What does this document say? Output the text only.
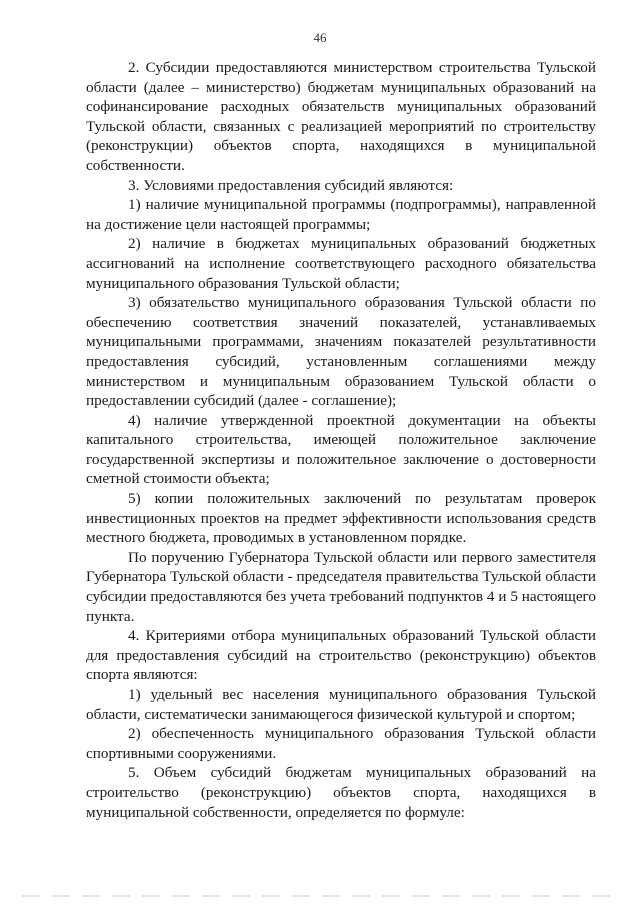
46

2. Субсидии предоставляются министерством строительства Тульской области (далее – министерство) бюджетам муниципальных образований на софинансирование расходных обязательств муниципальных образований Тульской области, связанных с реализацией мероприятий по строительству (реконструкции) объектов спорта, находящихся в муниципальной собственности.

3. Условиями предоставления субсидий являются:

1) наличие муниципальной программы (подпрограммы), направленной на достижение цели настоящей программы;

2) наличие в бюджетах муниципальных образований бюджетных ассигнований на исполнение соответствующего расходного обязательства муниципального образования Тульской области;

3) обязательство муниципального образования Тульской области по обеспечению соответствия значений показателей, устанавливаемых муниципальными программами, значениям показателей результативности предоставления субсидий, установленным соглашениями между министерством и муниципальным образованием Тульской области о предоставлении субсидий (далее - соглашение);

4) наличие утвержденной проектной документации на объекты капитального строительства, имеющей положительное заключение государственной экспертизы и положительное заключение о достоверности сметной стоимости объекта;

5) копии положительных заключений по результатам проверок инвестиционных проектов на предмет эффективности использования средств местного бюджета, проводимых в установленном порядке.

По поручению Губернатора Тульской области или первого заместителя Губернатора Тульской области - председателя правительства Тульской области субсидии предоставляются без учета требований подпунктов 4 и 5 настоящего пункта.

4. Критериями отбора муниципальных образований Тульской области для предоставления субсидий на строительство (реконструкцию) объектов спорта являются:

1) удельный вес населения муниципального образования Тульской области, систематически занимающегося физической культурой и спортом;

2) обеспеченность муниципального образования Тульской области спортивными сооружениями.

5. Объем субсидий бюджетам муниципальных образований на строительство (реконструкцию) объектов спорта, находящихся в муниципальной собственности, определяется по формуле:
